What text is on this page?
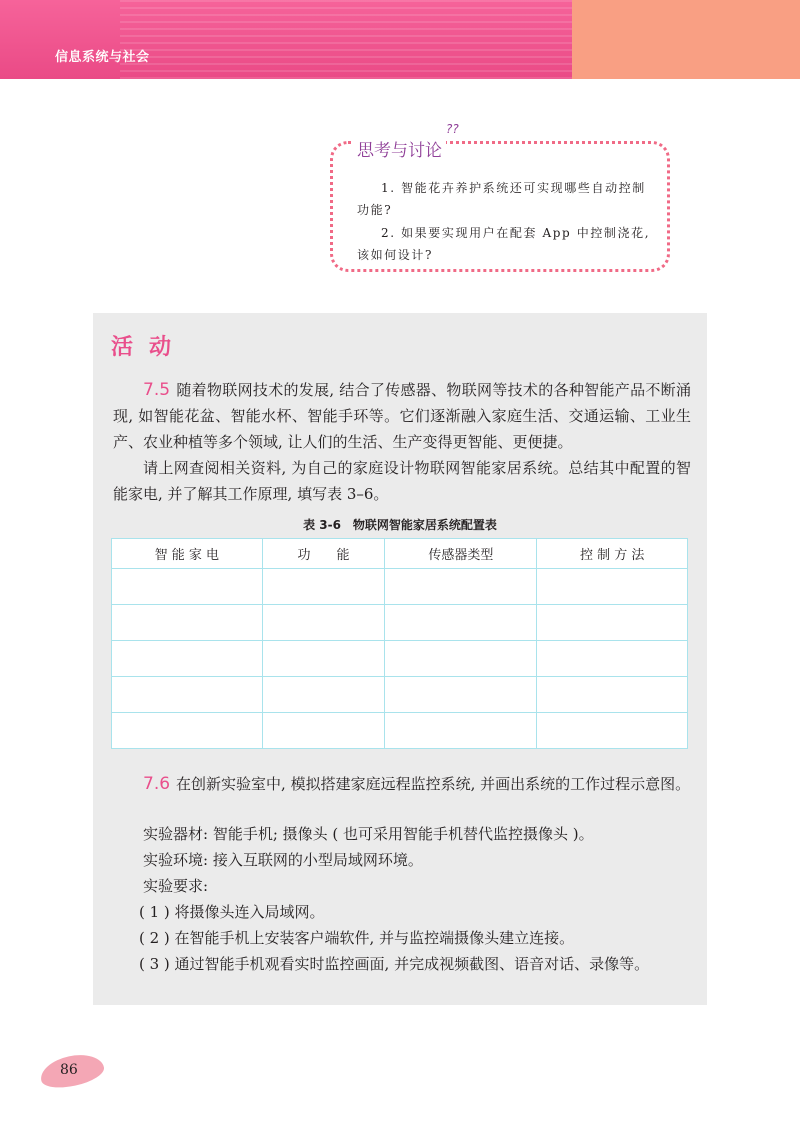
信息系统与社会
思考与讨论
??
1. 智能花卉养护系统还可实现哪些自动控制
功能?
2. 如果要实现用户在配套 App 中控制浇花,
该如何设计?
活动
7.5 随着物联网技术的发展, 结合了传感器、物联网等技术的各种智能产品不断涌现, 如智能花盆、智能水杯、智能手环等。它们逐渐融入家庭生活、交通运输、工业生产、农业种植等多个领域, 让人们的生活、生产变得更智能、更便捷。
请上网查阅相关资料, 为自己的家庭设计物联网智能家居系统。总结其中配置的智能家电, 并了解其工作原理, 填写表 3–6。
表 3-6　物联网智能家居系统配置表
智 能 家 电	功　　能	传感器类型	控 制 方 法

7.6 在创新实验室中, 模拟搭建家庭远程监控系统, 并画出系统的工作过程示意图。
实验器材: 智能手机; 摄像头 ( 也可采用智能手机替代监控摄像头 )。
实验环境: 接入互联网的小型局域网环境。
实验要求:
( 1 ) 将摄像头连入局域网。
( 2 ) 在智能手机上安装客户端软件, 并与监控端摄像头建立连接。
( 3 ) 通过智能手机观看实时监控画面, 并完成视频截图、语音对话、录像等。
86
